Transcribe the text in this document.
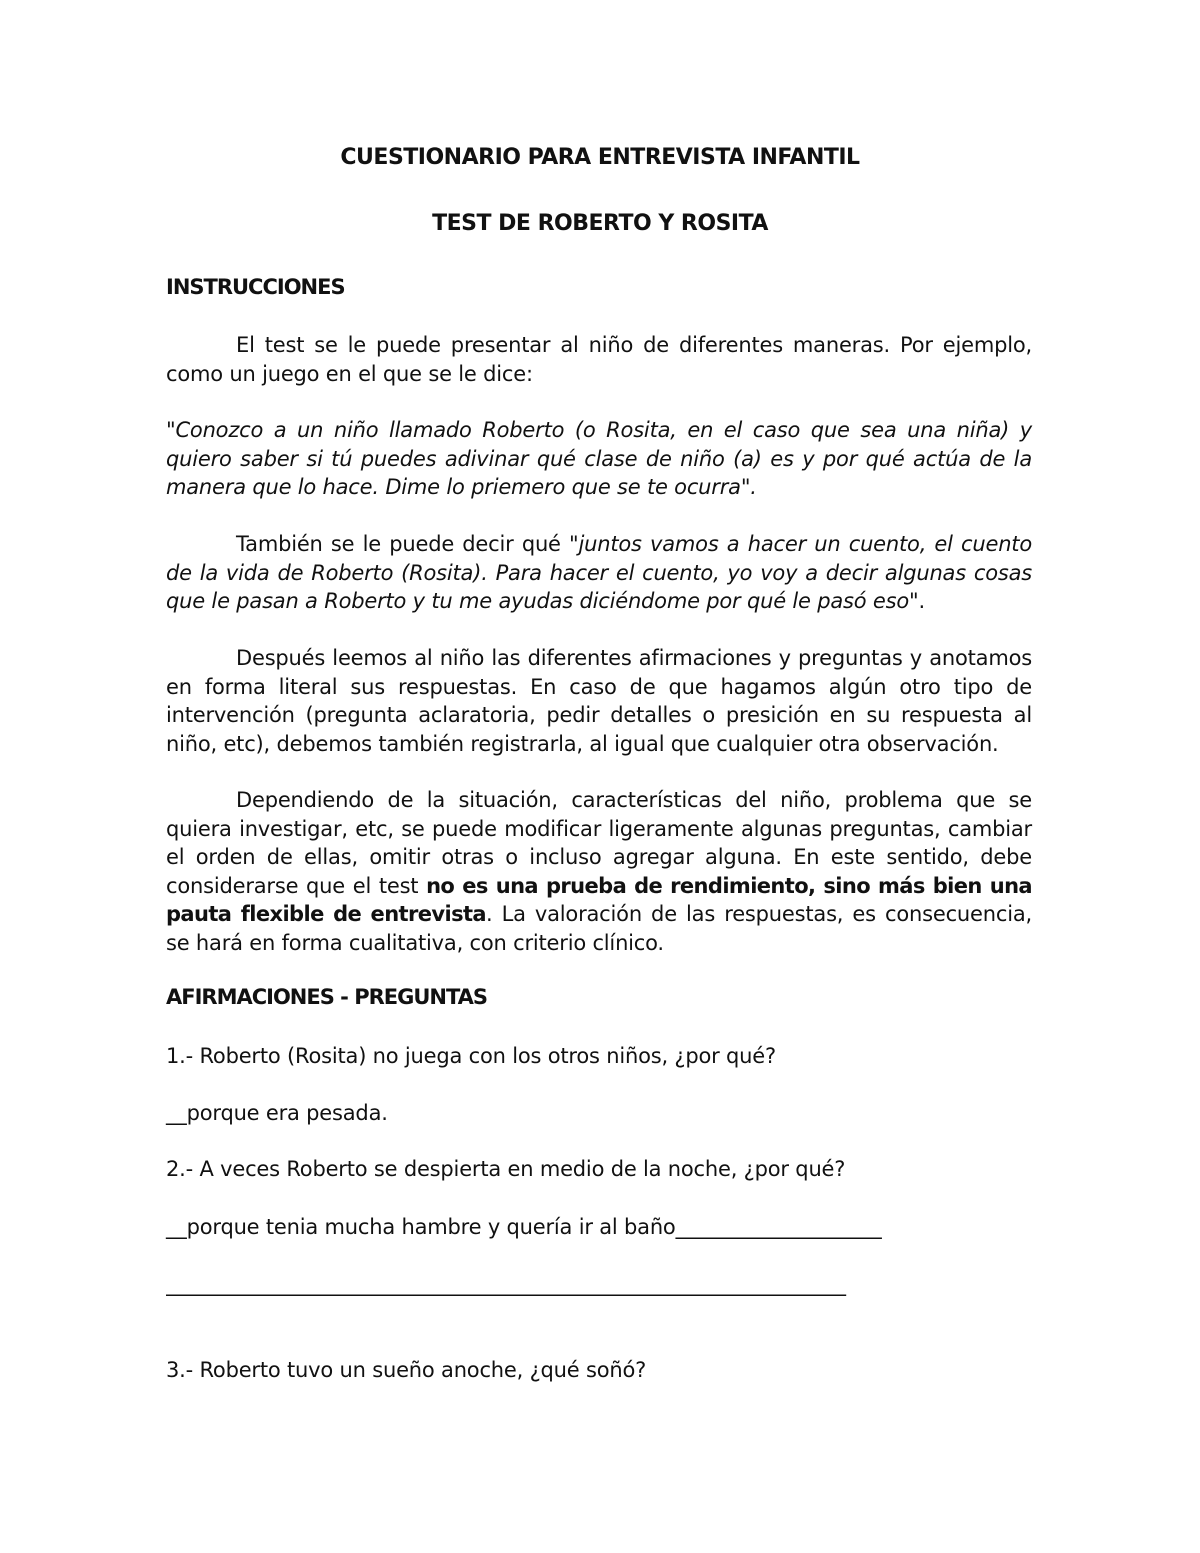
CUESTIONARIO PARA ENTREVISTA INFANTIL
TEST DE ROBERTO Y ROSITA
INSTRUCCIONES

El test se le puede presentar al niño de diferentes maneras. Por ejemplo, como un juego en el que se le dice:

"Conozco a un niño llamado Roberto (o Rosita, en el caso que sea una niña) y quiero saber si tú puedes adivinar qué clase de niño (a) es y por qué actúa de la manera que lo hace. Dime lo priemero que se te ocurra".

También se le puede decir qué "juntos vamos a hacer un cuento, el cuento de la vida de Roberto (Rosita). Para hacer el cuento, yo voy a decir algunas cosas que le pasan a Roberto y tu me ayudas diciéndome por qué le pasó eso".

Después leemos al niño las diferentes afirmaciones y preguntas y anotamos en forma literal sus respuestas. En caso de que hagamos algún otro tipo de intervención (pregunta aclaratoria, pedir detalles o presición en su respuesta al niño, etc), debemos también registrarla, al igual que cualquier otra observación.

Dependiendo de la situación, características del niño, problema que se quiera investigar, etc, se puede modificar ligeramente algunas preguntas, cambiar el orden de ellas, omitir otras o incluso agregar alguna. En este sentido, debe considerarse que el test no es una prueba de rendimiento, sino más bien una pauta flexible de entrevista. La valoración de las respuestas, es consecuencia, se hará en forma cualitativa, con criterio clínico.

AFIRMACIONES - PREGUNTAS
1.- Roberto (Rosita) no juega con los otros niños, ¿por qué?
__porque era pesada.
2.- A veces Roberto se despierta en medio de la noche, ¿por qué?
__porque tenia mucha hambre y quería ir al baño____________________
__________________________________________________________________
3.- Roberto tuvo un sueño anoche, ¿qué soñó?
